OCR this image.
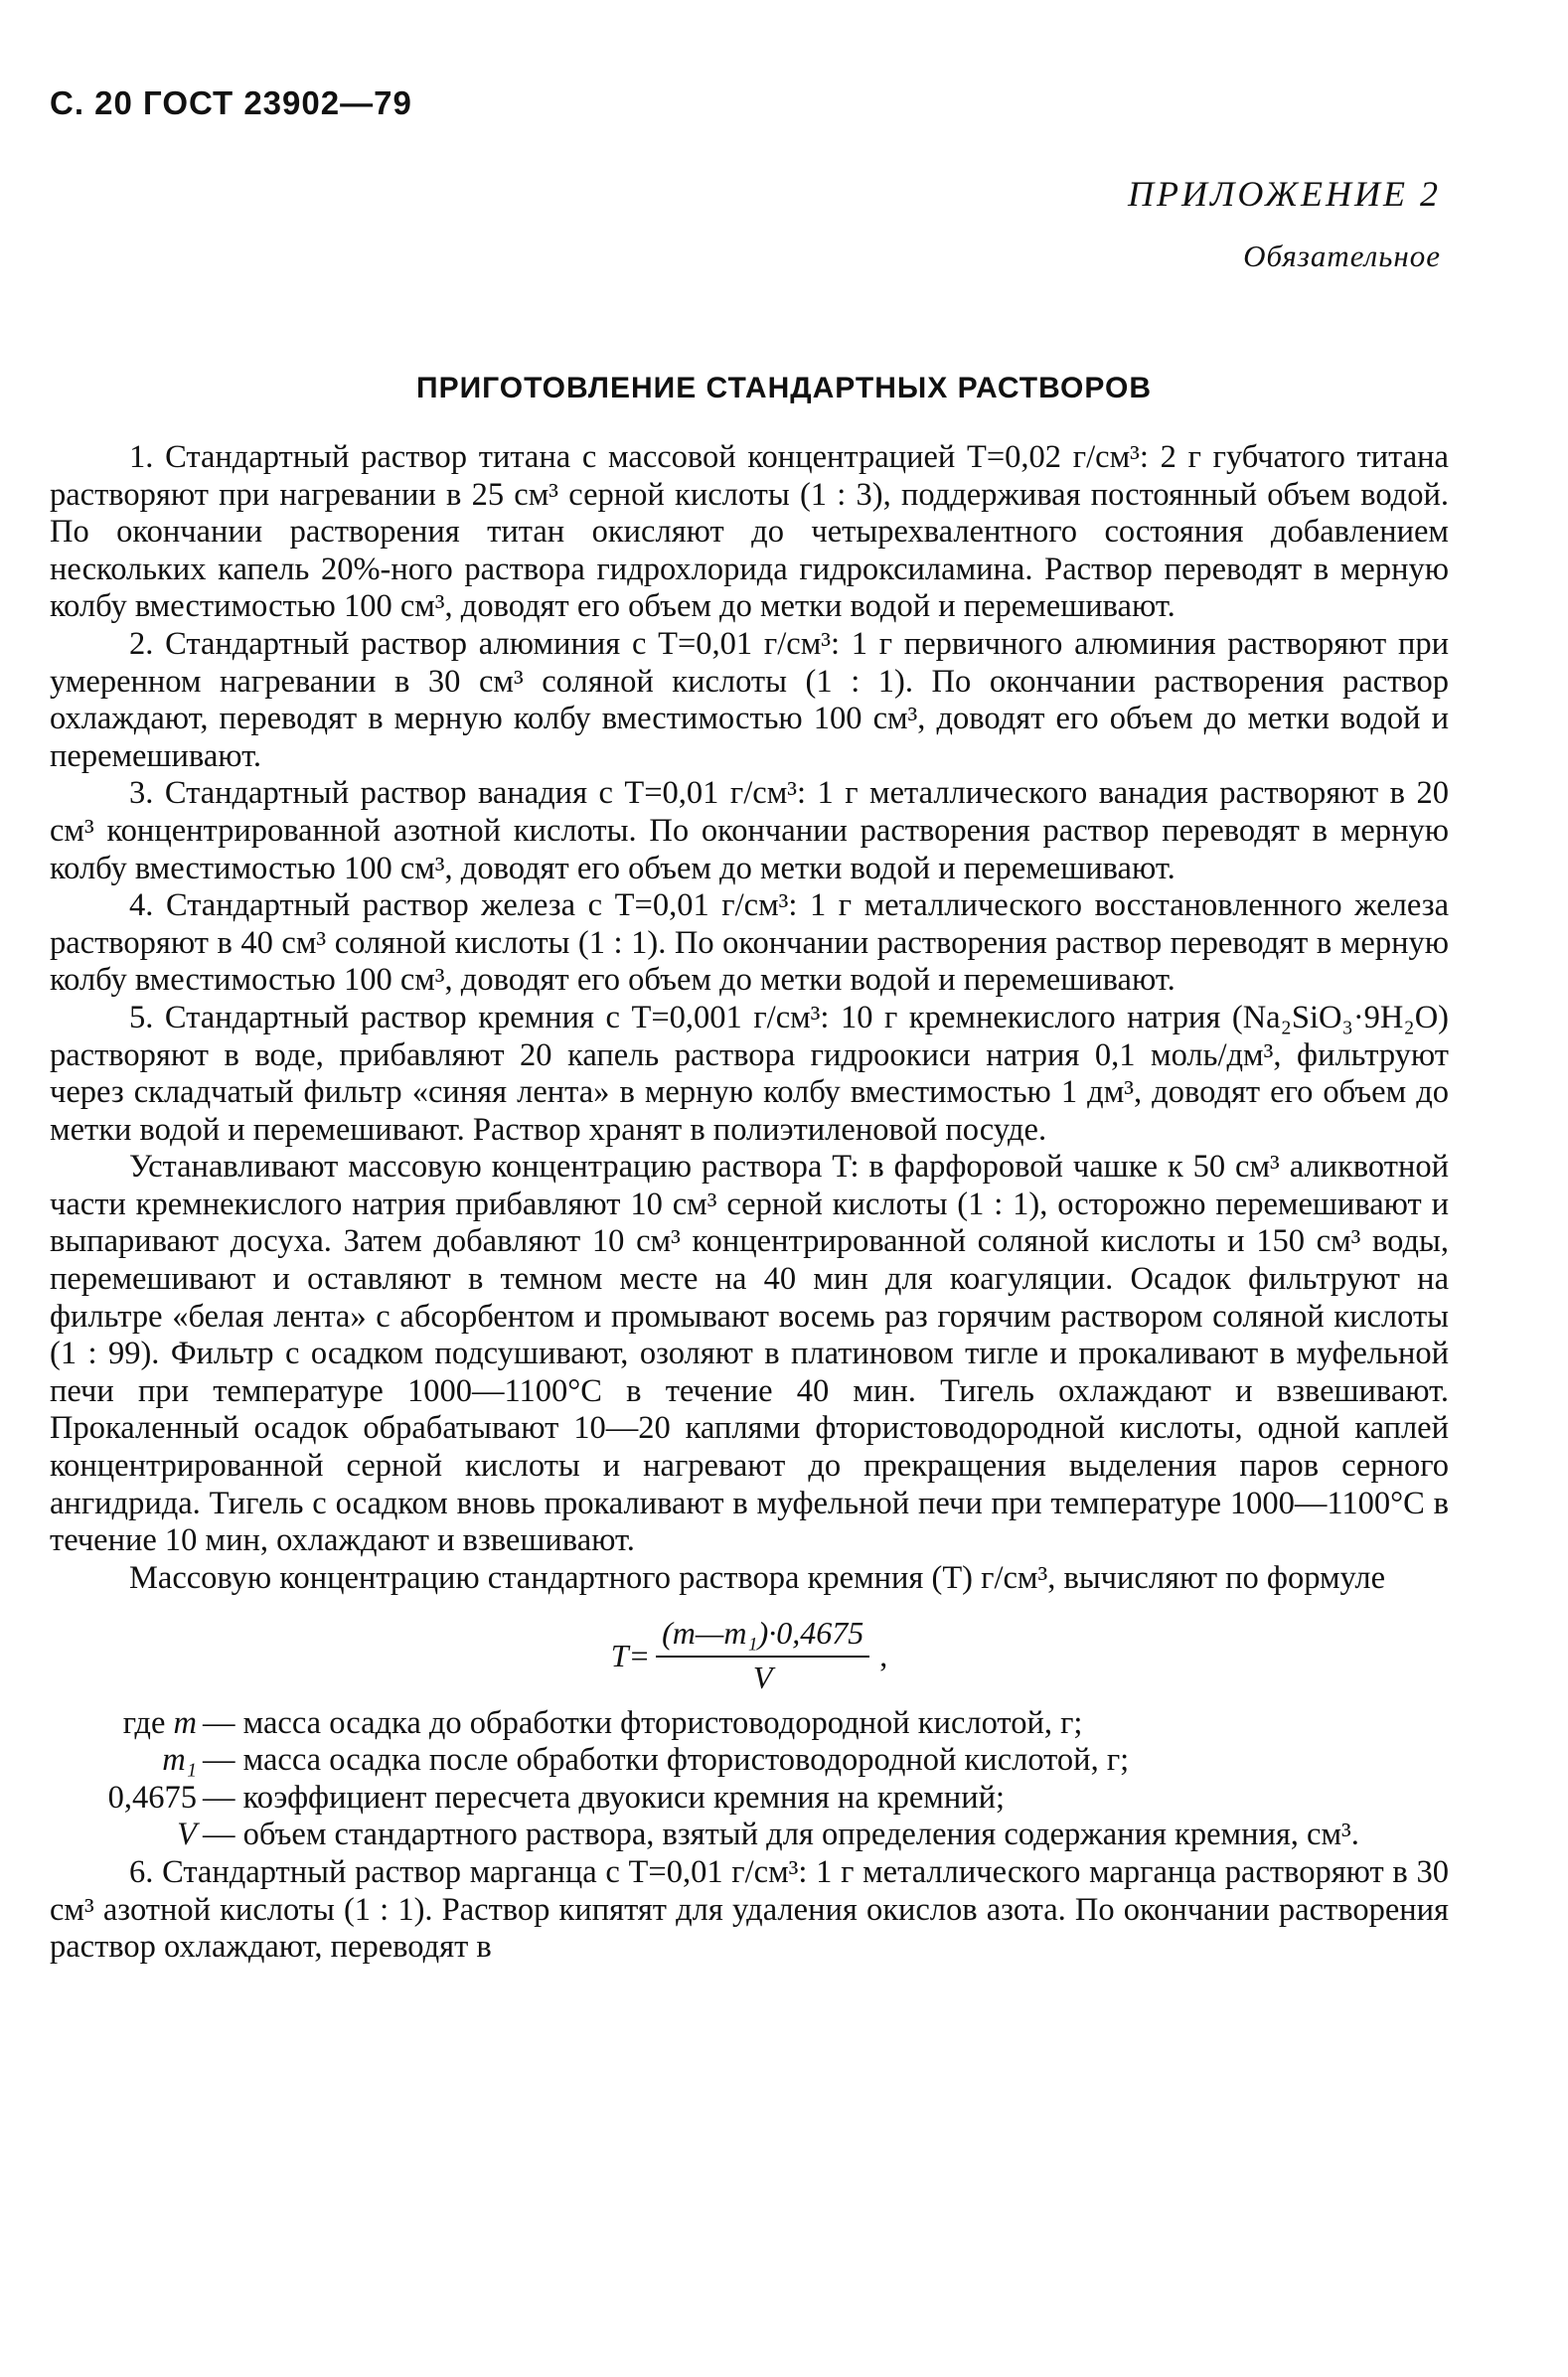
С. 20 ГОСТ 23902—79
ПРИЛОЖЕНИЕ 2
Обязательное
ПРИГОТОВЛЕНИЕ СТАНДАРТНЫХ РАСТВОРОВ

1. Стандартный раствор титана с массовой концентрацией T=0,02 г/см³: 2 г губчатого титана растворяют при нагревании в 25 см³ серной кислоты (1 : 3), поддерживая постоянный объем водой. По окончании растворения титан окисляют до четырехвалентного состояния добавлением нескольких капель 20%-ного раствора гидрохлорида гидроксиламина. Раствор переводят в мерную колбу вместимостью 100 см³, доводят его объем до метки водой и перемешивают.

2. Стандартный раствор алюминия с T=0,01 г/см³: 1 г первичного алюминия растворяют при умеренном нагревании в 30 см³ соляной кислоты (1 : 1). По окончании растворения раствор охлаждают, переводят в мерную колбу вместимостью 100 см³, доводят его объем до метки водой и перемешивают.

3. Стандартный раствор ванадия с T=0,01 г/см³: 1 г металлического ванадия растворяют в 20 см³ концентрированной азотной кислоты. По окончании растворения раствор переводят в мерную колбу вместимостью 100 см³, доводят его объем до метки водой и перемешивают.

4. Стандартный раствор железа с T=0,01 г/см³: 1 г металлического восстановленного железа растворяют в 40 см³ соляной кислоты (1 : 1). По окончании растворения раствор переводят в мерную колбу вместимостью 100 см³, доводят его объем до метки водой и перемешивают.

5. Стандартный раствор кремния с T=0,001 г/см³: 10 г кремнекислого натрия (Na₂SiO₃·9H₂O) растворяют в воде, прибавляют 20 капель раствора гидроокиси натрия 0,1 моль/дм³, фильтруют через складчатый фильтр «синяя лента» в мерную колбу вместимостью 1 дм³, доводят его объем до метки водой и перемешивают. Раствор хранят в полиэтиленовой посуде.

Устанавливают массовую концентрацию раствора T: в фарфоровой чашке к 50 см³ аликвотной части кремнекислого натрия прибавляют 10 см³ серной кислоты (1 : 1), осторожно перемешивают и выпаривают досуха. Затем добавляют 10 см³ концентрированной соляной кислоты и 150 см³ воды, перемешивают и оставляют в темном месте на 40 мин для коагуляции. Осадок фильтруют на фильтре «белая лента» с абсорбентом и промывают восемь раз горячим раствором соляной кислоты (1 : 99). Фильтр с осадком подсушивают, озоляют в платиновом тигле и прокаливают в муфельной печи при температуре 1000—1100°С в течение 40 мин. Тигель охлаждают и взвешивают. Прокаленный осадок обрабатывают 10—20 каплями фтористоводородной кислоты, одной каплей концентрированной серной кислоты и нагревают до прекращения выделения паров серного ангидрида. Тигель с осадком вновь прокаливают в муфельной печи при температуре 1000—1100°С в течение 10 мин, охлаждают и взвешивают.

Массовую концентрацию стандартного раствора кремния (T) г/см³, вычисляют по формуле

$T= \frac{\text{(m—m₁)·0,4675}}{V}$ ,
где m — масса осадка до обработки фтористоводородной кислотой, г;
m₁ — масса осадка после обработки фтористоводородной кислотой, г;
0,4675 — коэффициент пересчета двуокиси кремния на кремний;
V — объем стандартного раствора, взятый для определения содержания кремния, см³.

6. Стандартный раствор марганца с T=0,01 г/см³: 1 г металлического марганца растворяют в 30 см³ азотной кислоты (1 : 1). Раствор кипятят для удаления окислов азота. По окончании растворения раствор охлаждают, переводят в
